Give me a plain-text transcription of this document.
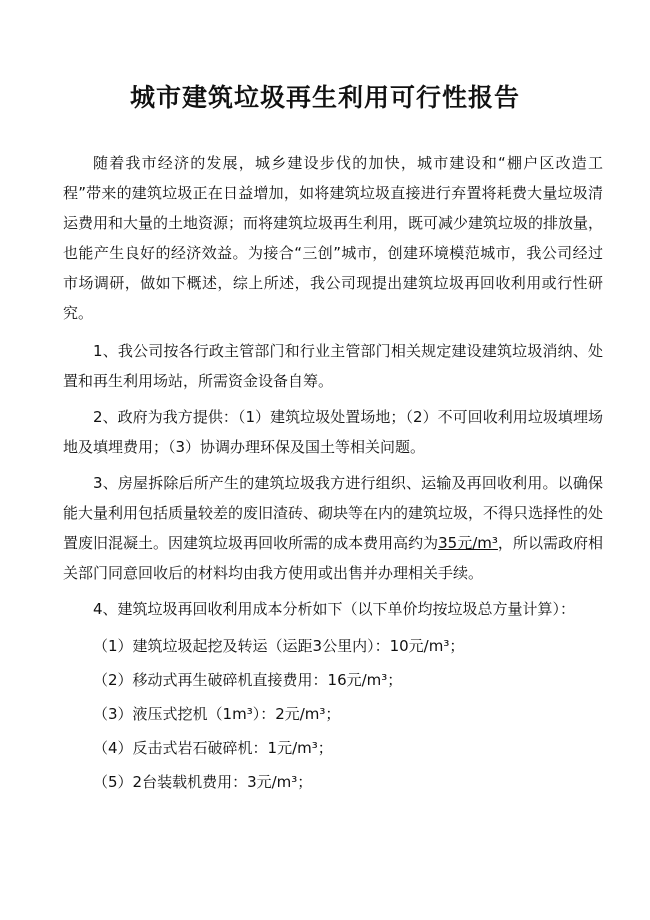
城市建筑垃圾再生利用可行性报告

随着我市经济的发展，城乡建设步伐的加快，城市建设和“棚户区改造工程”带来的建筑垃圾正在日益增加，如将建筑垃圾直接进行弃置将耗费大量垃圾清运费用和大量的土地资源；而将建筑垃圾再生利用，既可减少建筑垃圾的排放量，也能产生良好的经济效益。为接合“三创”城市，创建环境模范城市，我公司经过市场调研，做如下概述，综上所述，我公司现提出建筑垃圾再回收利用或行性研究。

1、我公司按各行政主管部门和行业主管部门相关规定建设建筑垃圾消纳、处置和再生利用场站，所需资金设备自筹。

2、政府为我方提供：（1）建筑垃圾处置场地；（2）不可回收利用垃圾填埋场地及填埋费用；（3）协调办理环保及国土等相关问题。

3、房屋拆除后所产生的建筑垃圾我方进行组织、运输及再回收利用。以确保能大量利用包括质量较差的废旧渣砖、砌块等在内的建筑垃圾，不得只选择性的处置废旧混凝土。因建筑垃圾再回收所需的成本费用高约为35元/m³，所以需政府相关部门同意回收后的材料均由我方使用或出售并办理相关手续。

4、建筑垃圾再回收利用成本分析如下（以下单价均按垃圾总方量计算）：

（1）建筑垃圾起挖及转运（运距3公里内）：10元/m³；
（2）移动式再生破碎机直接费用：16元/m³；
（3）液压式挖机（1m³）：2元/m³；
（4）反击式岩石破碎机：1元/m³；
（5）2台装载机费用：3元/m³；
